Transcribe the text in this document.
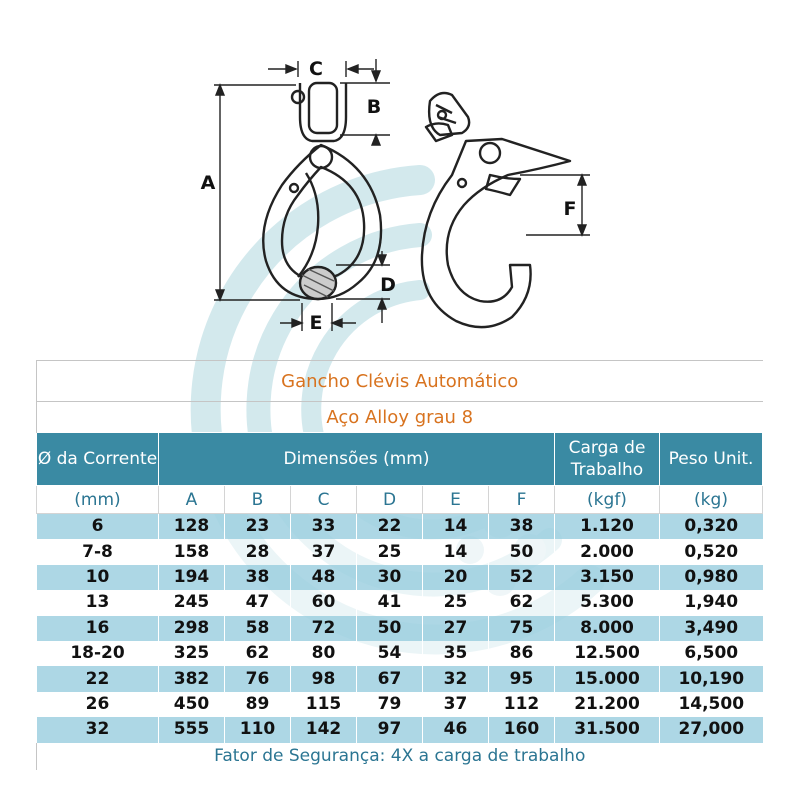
A
B
C
D
E
F
Gancho Clévis Automático								
Aço Alloy grau 8								
Ø da Corrente	Dimensões (mm)						Carga de Trabalho	Peso Unit.
(mm)	A	B	C	D	E	F	(kgf)	(kg)
6	128	23	33	22	14	38	1.120	0,320
7-8	158	28	37	25	14	50	2.000	0,520
10	194	38	48	30	20	52	3.150	0,980
13	245	47	60	41	25	62	5.300	1,940
16	298	58	72	50	27	75	8.000	3,490
18-20	325	62	80	54	35	86	12.500	6,500
22	382	76	98	67	32	95	15.000	10,190
26	450	89	115	79	37	112	21.200	14,500
32	555	110	142	97	46	160	31.500	27,000
Fator de Segurança: 4X a carga de trabalho								
